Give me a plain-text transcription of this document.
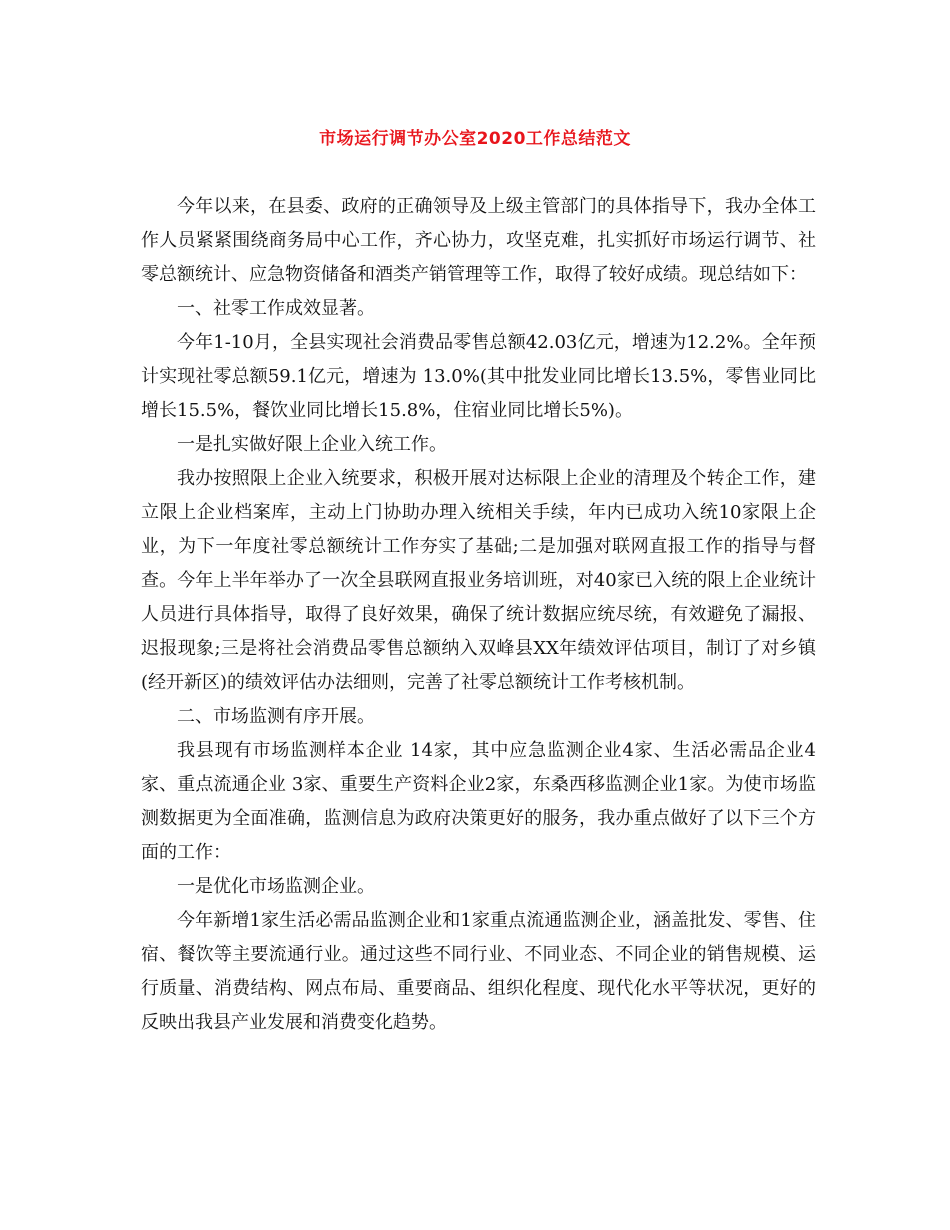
市场运行调节办公室2020工作总结范文

今年以来，在县委、政府的正确领导及上级主管部门的具体指导下，我办全体工作人员紧紧围绕商务局中心工作，齐心协力，攻坚克难，扎实抓好市场运行调节、社零总额统计、应急物资储备和酒类产销管理等工作，取得了较好成绩。现总结如下：

一、社零工作成效显著。

今年1-10月，全县实现社会消费品零售总额42.03亿元，增速为12.2%。全年预计实现社零总额59.1亿元，增速为 13.0%(其中批发业同比增长13.5%，零售业同比增长15.5%，餐饮业同比增长15.8%，住宿业同比增长5%)。

一是扎实做好限上企业入统工作。

我办按照限上企业入统要求，积极开展对达标限上企业的清理及个转企工作，建立限上企业档案库，主动上门协助办理入统相关手续，年内已成功入统10家限上企业，为下一年度社零总额统计工作夯实了基础;二是加强对联网直报工作的指导与督查。今年上半年举办了一次全县联网直报业务培训班，对40家已入统的限上企业统计人员进行具体指导，取得了良好效果，确保了统计数据应统尽统，有效避免了漏报、迟报现象;三是将社会消费品零售总额纳入双峰县XX年绩效评估项目，制订了对乡镇(经开新区)的绩效评估办法细则，完善了社零总额统计工作考核机制。

二、市场监测有序开展。

我县现有市场监测样本企业 14家，其中应急监测企业4家、生活必需品企业4家、重点流通企业 3家、重要生产资料企业2家，东桑西移监测企业1家。为使市场监测数据更为全面准确，监测信息为政府决策更好的服务，我办重点做好了以下三个方面的工作：

一是优化市场监测企业。

今年新增1家生活必需品监测企业和1家重点流通监测企业，涵盖批发、零售、住宿、餐饮等主要流通行业。通过这些不同行业、不同业态、不同企业的销售规模、运行质量、消费结构、网点布局、重要商品、组织化程度、现代化水平等状况，更好的反映出我县产业发展和消费变化趋势。
